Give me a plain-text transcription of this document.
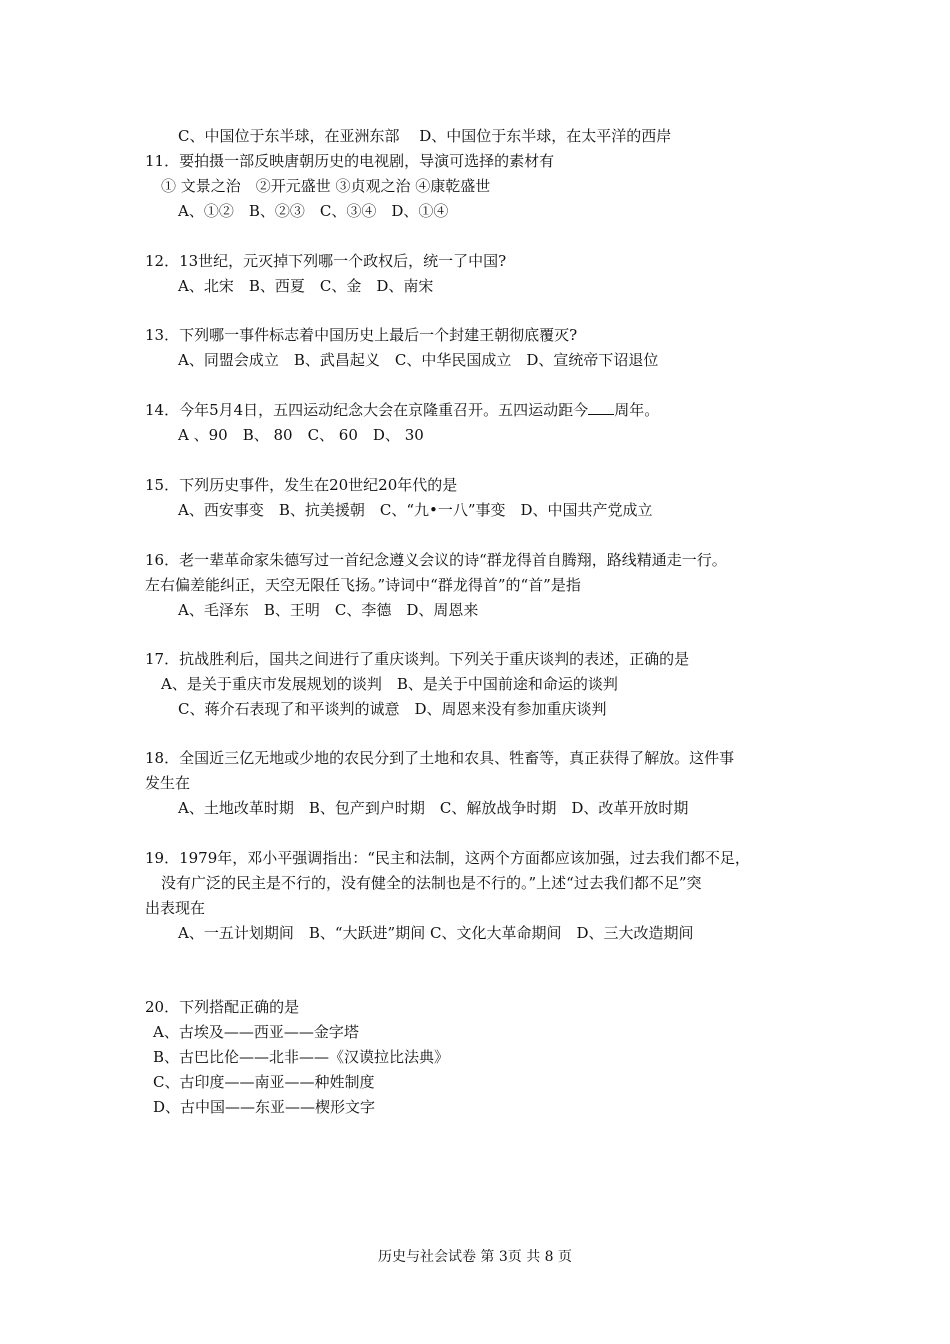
C、中国位于东半球，在亚洲东部　 D、中国位于东半球，在太平洋的西岸
11．要拍摄一部反映唐朝历史的电视剧，导演可选择的素材有
① 文景之治　②开元盛世 ③贞观之治 ④康乾盛世
A、①②　B、②③　C、③④　D、①④
12．13世纪，元灭掉下列哪一个政权后，统一了中国?
A、北宋　B、西夏　C、金　D、南宋
13．下列哪一事件标志着中国历史上最后一个封建王朝彻底覆灭?
A、同盟会成立　B、武昌起义　C、中华民国成立　D、宣统帝下诏退位
14．今年5月4日，五四运动纪念大会在京隆重召开。五四运动距今 周年。
A 、90　B、 80　C、 60　D、 30
15．下列历史事件，发生在20世纪20年代的是
A、西安事变　B、抗美援朝　C、“九•一八”事变　D、中国共产党成立
16．老一辈革命家朱德写过一首纪念遵义会议的诗“群龙得首自腾翔，路线精通走一行。
左右偏差能纠正，天空无限任飞扬。”诗词中“群龙得首”的“首”是指
A、毛泽东　B、王明　C、李德　D、周恩来
17．抗战胜利后，国共之间进行了重庆谈判。下列关于重庆谈判的表述，正确的是
A、是关于重庆市发展规划的谈判　B、是关于中国前途和命运的谈判
C、蒋介石表现了和平谈判的诚意　D、周恩来没有参加重庆谈判
18．全国近三亿无地或少地的农民分到了土地和农具、牲畜等，真正获得了解放。这件事
发生在
A、土地改革时期　B、包产到户时期　C、解放战争时期　D、改革开放时期
19．1979年，邓小平强调指出：“民主和法制，这两个方面都应该加强，过去我们都不足，
没有广泛的民主是不行的，没有健全的法制也是不行的。”上述“过去我们都不足”突
出表现在
A、一五计划期间　B、“大跃进”期间 C、文化大革命期间　D、三大改造期间
20．下列搭配正确的是
A、古埃及——西亚——金字塔
B、古巴比伦——北非——《汉谟拉比法典》
C、古印度——南亚——种姓制度
D、古中国——东亚——楔形文字
历史与社会试卷 第 3页 共 8 页
